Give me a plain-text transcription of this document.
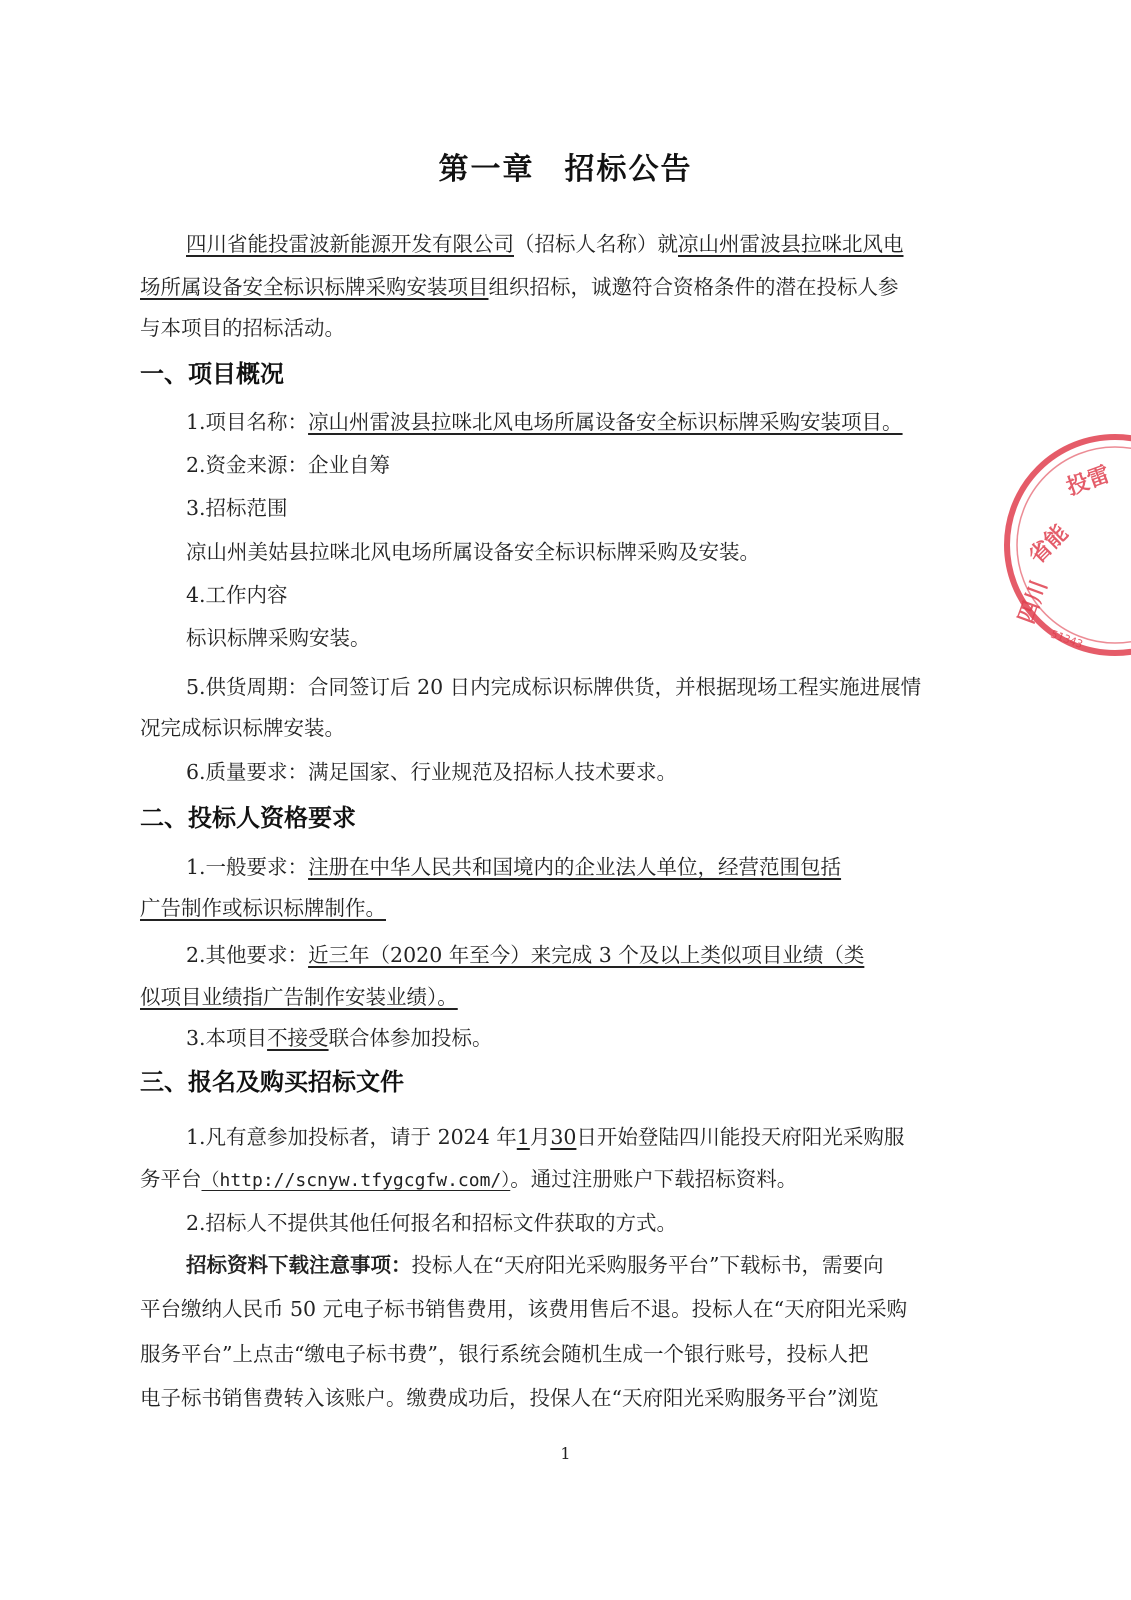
第一章 招标公告
四川省能投雷波新能源开发有限公司（招标人名称）就凉山州雷波县拉咪北风电
场所属设备安全标识标牌采购安装项目组织招标，诚邀符合资格条件的潜在投标人参
与本项目的招标活动。
一、项目概况
1.项目名称：凉山州雷波县拉咪北风电场所属设备安全标识标牌采购安装项目。
2.资金来源：企业自筹
3.招标范围
凉山州美姑县拉咪北风电场所属设备安全标识标牌采购及安装。
4.工作内容
标识标牌采购安装。
5.供货周期：合同签订后 20 日内完成标识标牌供货，并根据现场工程实施进展情
况完成标识标牌安装。
6.质量要求：满足国家、行业规范及招标人技术要求。
二、投标人资格要求
1.一般要求：注册在中华人民共和国境内的企业法人单位，经营范围包括
广告制作或标识标牌制作。
2.其他要求：近三年（2020 年至今）来完成 3 个及以上类似项目业绩（类
似项目业绩指广告制作安装业绩）。
3.本项目不接受联合体参加投标。
三、报名及购买招标文件
1.凡有意参加投标者，请于 2024 年1月30日开始登陆四川能投天府阳光采购服
务平台（http://scnyw.tfygcgfw.com/）。通过注册账户下载招标资料。
2.招标人不提供其他任何报名和招标文件获取的方式。
招标资料下载注意事项：投标人在“天府阳光采购服务平台”下载标书，需要向
平台缴纳人民币 50 元电子标书销售费用，该费用售后不退。投标人在“天府阳光采购
服务平台”上点击“缴电子标书费”，银行系统会随机生成一个银行账号，投标人把
电子标书销售费转入该账户。缴费成功后，投保人在“天府阳光采购服务平台”浏览
1
四川
省能
投雷
51343
